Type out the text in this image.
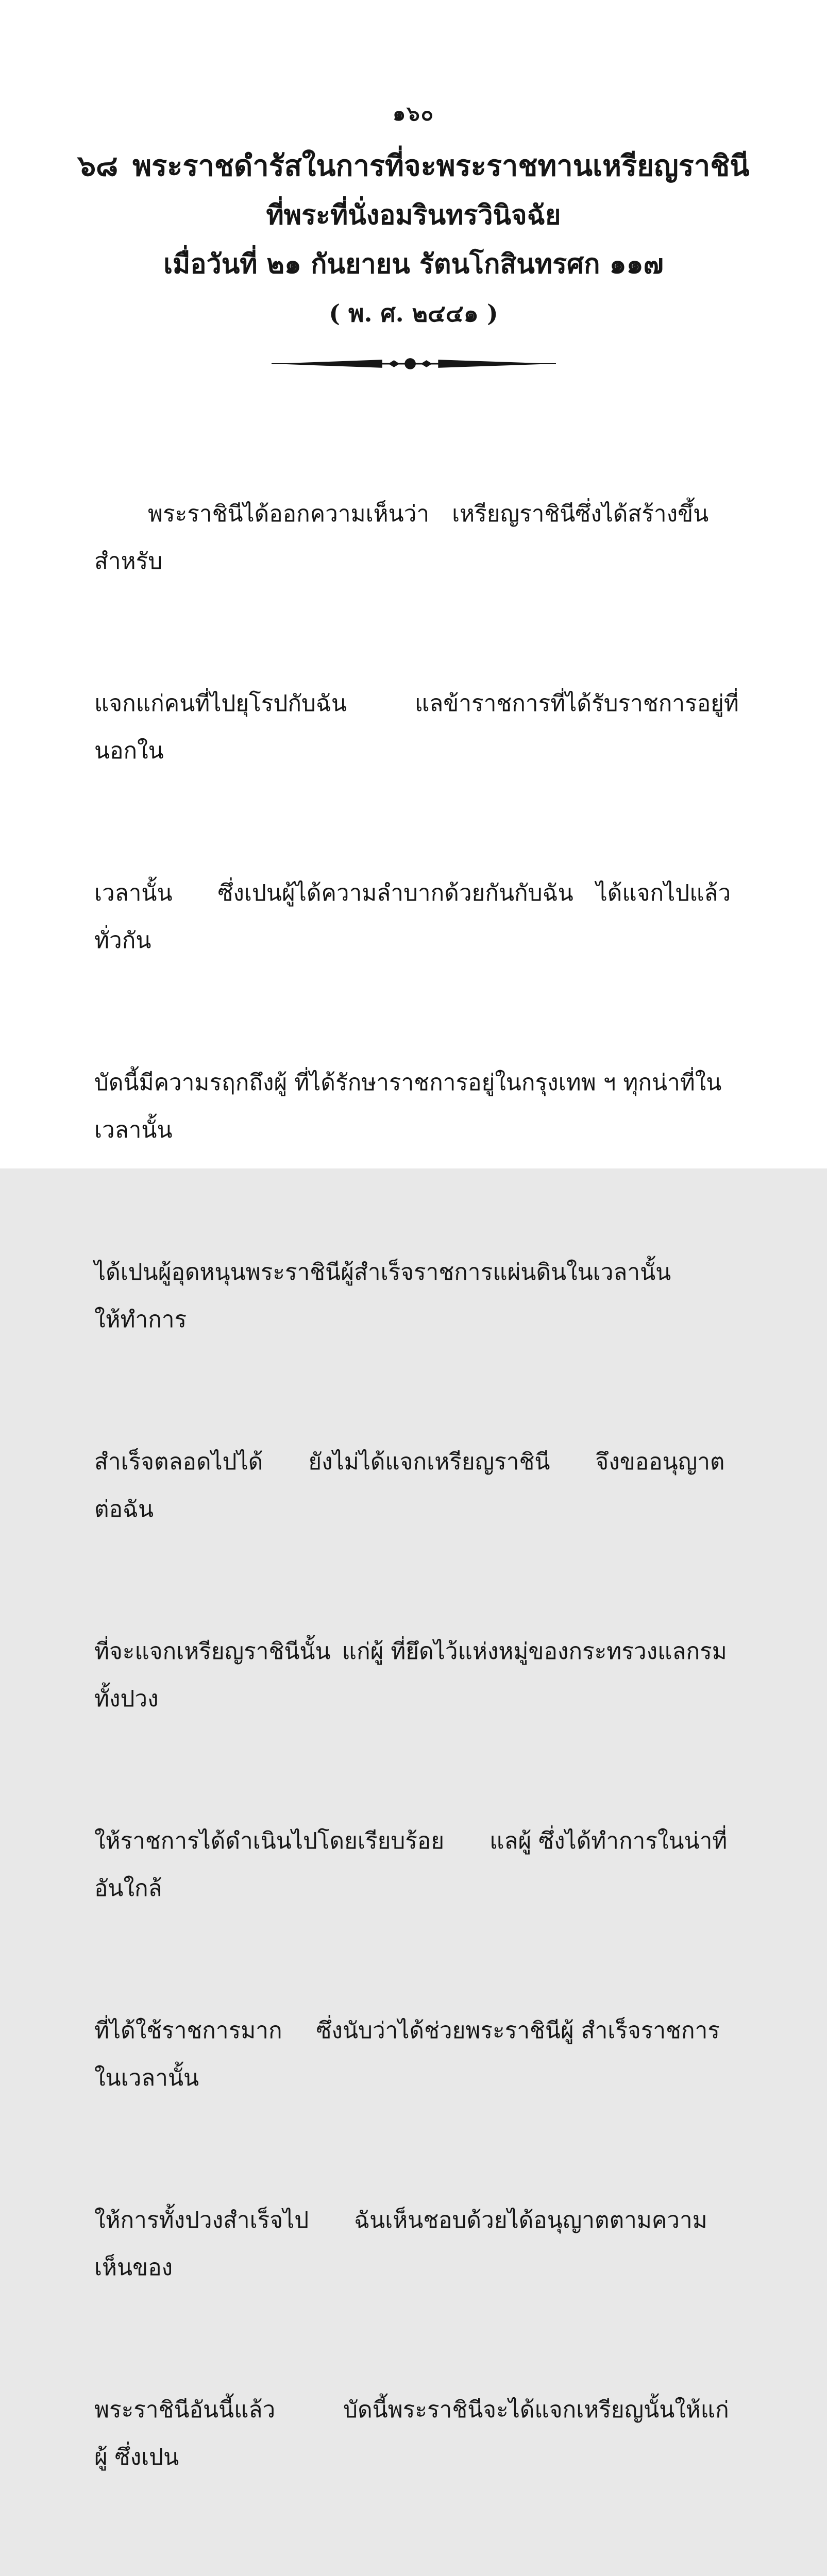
๑๖๐
๖๘ พระราชดำรัสในการที่จะพระราชทานเหรียญราชินี
ที่พระที่นั่งอมรินทรวินิจฉัย
เมื่อวันที่ ๒๑ กันยายน รัตนโกสินทรศก ๑๑๗
( พ. ศ. ๒๔๔๑ )

พระราชินีได้ออกความเห็นว่า เหรียญราชินีซึ่งได้สร้างขึ้นสำหรับ

แจกแก่คนที่ไปยุโรปกับฉัน   แลข้าราชการที่ได้รับราชการอยู่ที่นอกใน

เวลานั้น  ซึ่งเปนผู้ได้ความลำบากด้วยกันกับฉัน ได้แจกไปแล้วทั่วกัน

บัดนี้มีความรฤกถึงผู้ ที่ได้รักษาราชการอยู่ในกรุงเทพ ฯ ทุกน่าที่ในเวลานั้น

ได้เปนผู้อุดหนุนพระราชินีผู้สำเร็จราชการแผ่นดินในเวลานั้น  ให้ทำการ

สำเร็จตลอดไปได้  ยังไม่ได้แจกเหรียญราชินี  จึงขออนุญาตต่อฉัน

ที่จะแจกเหรียญราชินีนั้น แก่ผู้ ที่ยึดไว้แห่งหมู่ของกระทรวงแลกรมทั้งปวง

ให้ราชการได้ดำเนินไปโดยเรียบร้อย  แลผู้ ซึ่งได้ทำการในน่าที่อันใกล้

ที่ได้ใช้ราชการมาก  ซึ่งนับว่าได้ช่วยพระราชินีผู้ สำเร็จราชการในเวลานั้น

ให้การทั้งปวงสำเร็จไป  ฉันเห็นชอบด้วยได้อนุญาตตามความเห็นของ

พระราชินีอันนี้แล้ว   บัดนี้พระราชินีจะได้แจกเหรียญนั้นให้แก่ผู้ ซึ่งเปน
